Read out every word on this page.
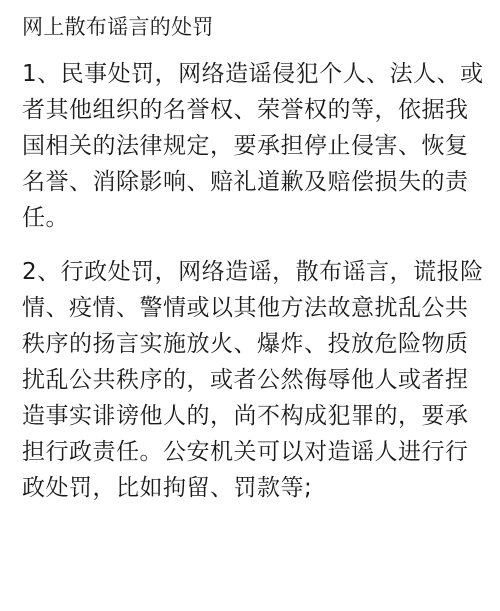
网上散布谣言的处罚

1、民事处罚，网络造谣侵犯个人、法人、或者其他组织的名誉权、荣誉权的等，依据我国相关的法律规定，要承担停止侵害、恢复名誉、消除影响、赔礼道歉及赔偿损失的责任。

2、行政处罚，网络造谣，散布谣言，谎报险情、疫情、警情或以其他方法故意扰乱公共秩序的扬言实施放火、爆炸、投放危险物质扰乱公共秩序的，或者公然侮辱他人或者捏造事实诽谤他人的，尚不构成犯罪的，要承担行政责任。公安机关可以对造谣人进行行政处罚，比如拘留、罚款等;
